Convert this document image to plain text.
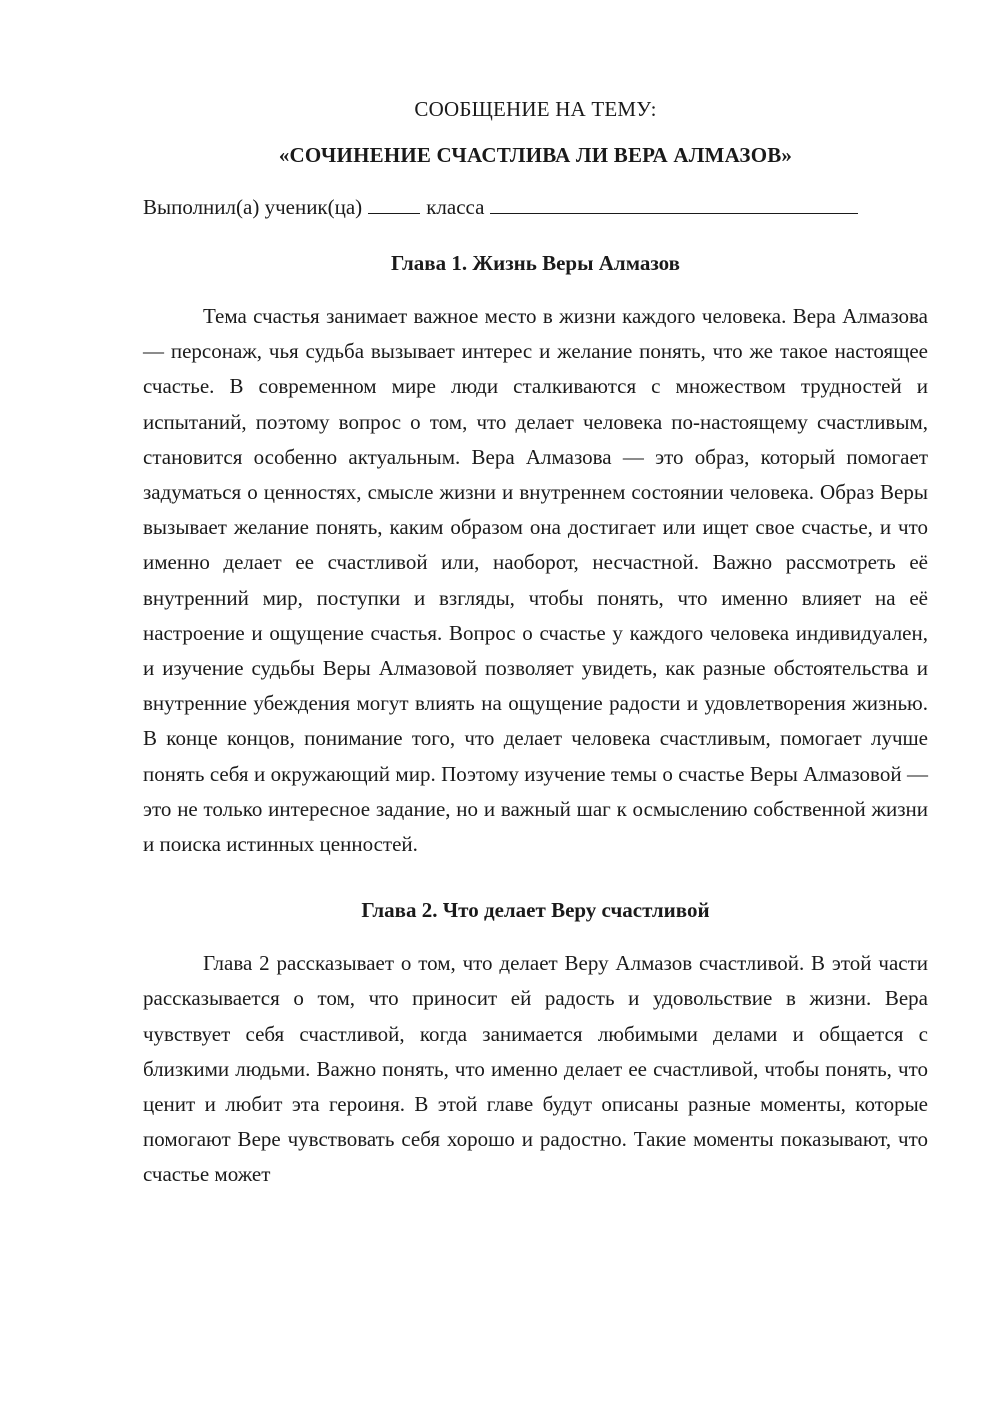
СООБЩЕНИЕ НА ТЕМУ:

«СОЧИНЕНИЕ СЧАСТЛИВА ЛИ ВЕРА АЛМАЗОВ»

Выполнил(а) ученик(ца)	класса

Глава 1. Жизнь Веры Алмазов

Тема счастья занимает важное место в жизни каждого человека. Вера Алмазова — персонаж, чья судьба вызывает интерес и желание понять, что же такое настоящее счастье. В современном мире люди сталкиваются с множеством трудностей и испытаний, поэтому вопрос о том, что делает человека по-настоящему счастливым, становится особенно актуальным. Вера Алмазова — это образ, который помогает задуматься о ценностях, смысле жизни и внутреннем состоянии человека. Образ Веры вызывает желание понять, каким образом она достигает или ищет свое счастье, и что именно делает ее счастливой или, наоборот, несчастной. Важно рассмотреть её внутренний мир, поступки и взгляды, чтобы понять, что именно влияет на её настроение и ощущение счастья. Вопрос о счастье у каждого человека индивидуален, и изучение судьбы Веры Алмазовой позволяет увидеть, как разные обстоятельства и внутренние убеждения могут влиять на ощущение радости и удовлетворения жизнью. В конце концов, понимание того, что делает человека счастливым, помогает лучше понять себя и окружающий мир. Поэтому изучение темы о счастье Веры Алмазовой — это не только интересное задание, но и важный шаг к осмыслению собственной жизни и поиска истинных ценностей.

Глава 2. Что делает Веру счастливой

Глава 2 рассказывает о том, что делает Веру Алмазов счастливой. В этой части рассказывается о том, что приносит ей радость и удовольствие в жизни. Вера чувствует себя счастливой, когда занимается любимыми делами и общается с близкими людьми. Важно понять, что именно делает ее счастливой, чтобы понять, что ценит и любит эта героиня. В этой главе будут описаны разные моменты, которые помогают Вере чувствовать себя хорошо и радостно. Такие моменты показывают, что счастье может
